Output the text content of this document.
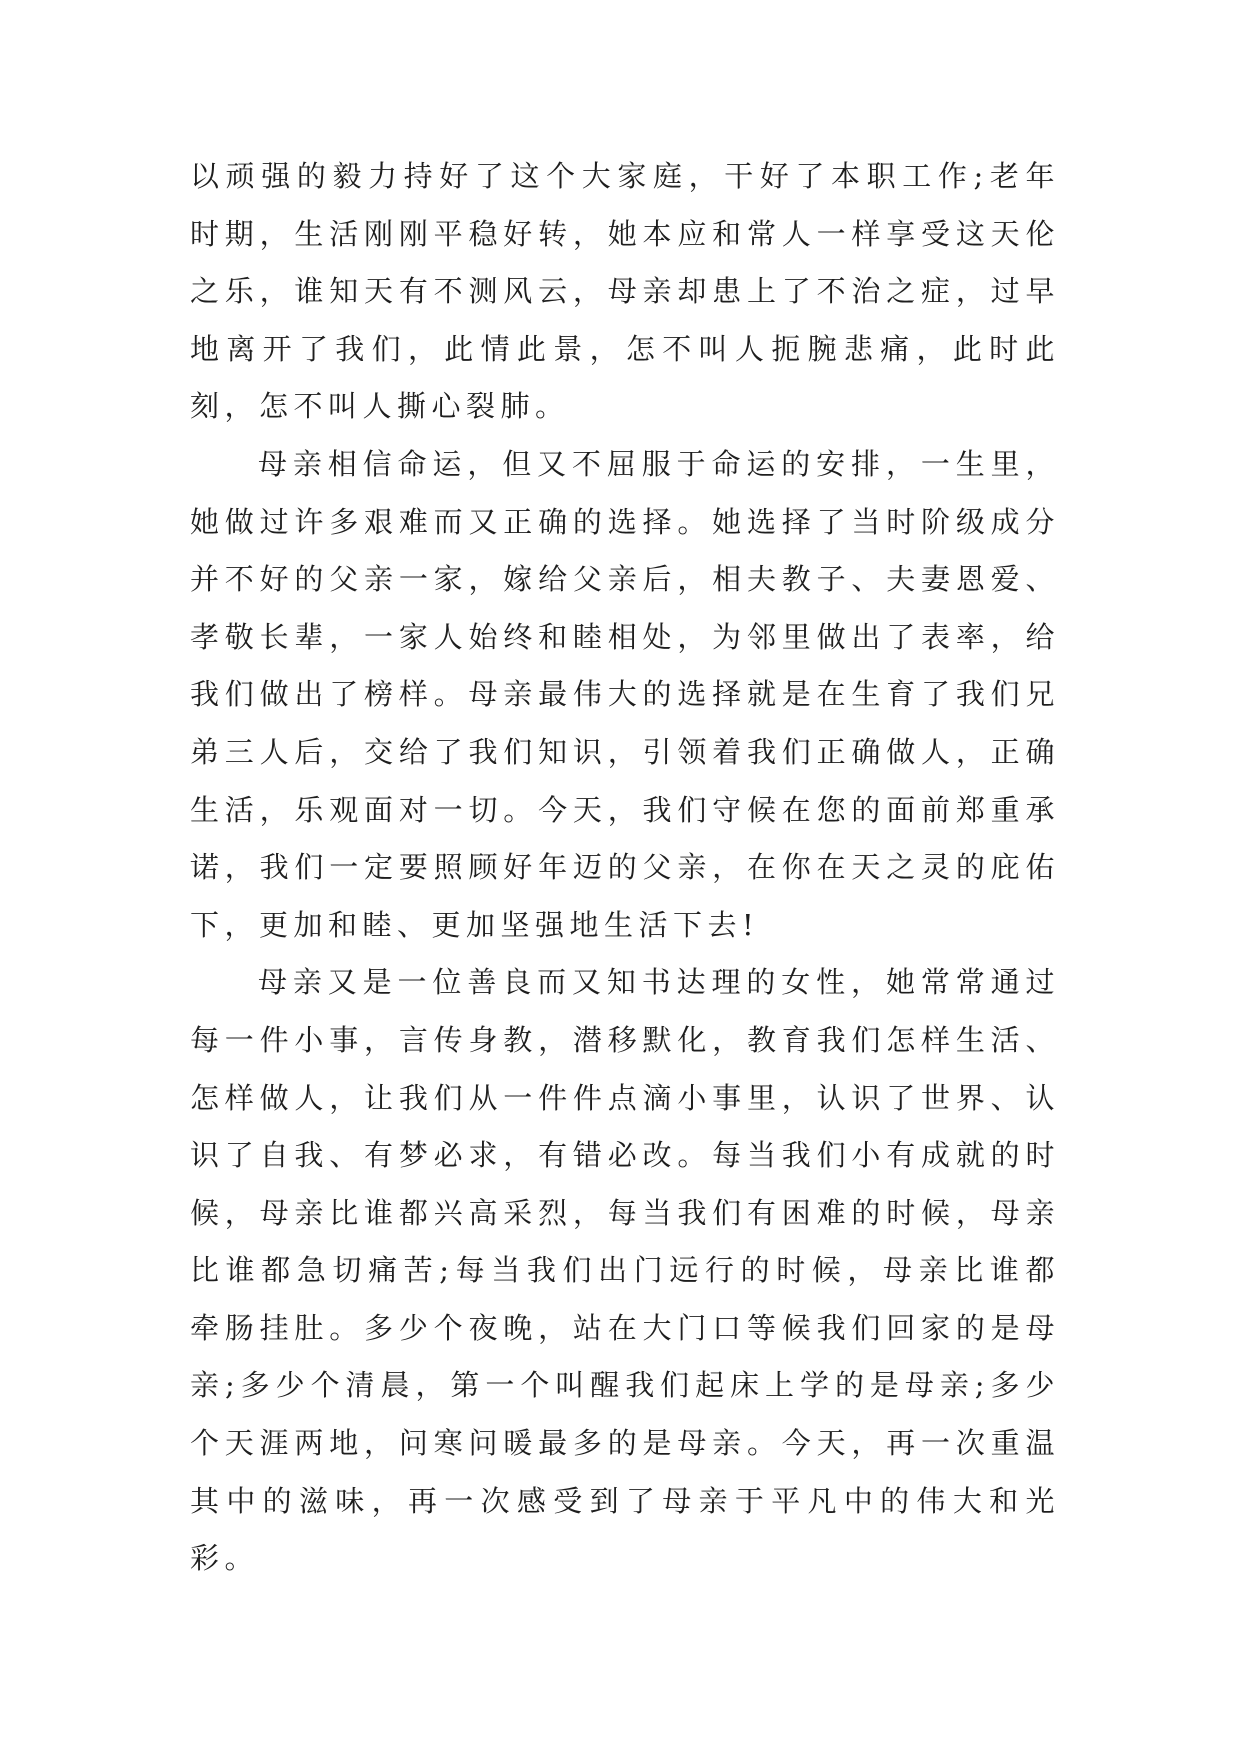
以顽强的毅力持好了这个大家庭，干好了本职工作;老年时期，生活刚刚平稳好转，她本应和常人一样享受这天伦之乐，谁知天有不测风云，母亲却患上了不治之症，过早地离开了我们，此情此景，怎不叫人扼腕悲痛，此时此刻，怎不叫人撕心裂肺。

母亲相信命运，但又不屈服于命运的安排，一生里，她做过许多艰难而又正确的选择。她选择了当时阶级成分并不好的父亲一家，嫁给父亲后，相夫教子、夫妻恩爱、孝敬长辈，一家人始终和睦相处，为邻里做出了表率，给我们做出了榜样。母亲最伟大的选择就是在生育了我们兄弟三人后，交给了我们知识，引领着我们正确做人，正确生活，乐观面对一切。今天，我们守候在您的面前郑重承诺，我们一定要照顾好年迈的父亲，在你在天之灵的庇佑下，更加和睦、更加坚强地生活下去!

母亲又是一位善良而又知书达理的女性，她常常通过每一件小事，言传身教，潜移默化，教育我们怎样生活、怎样做人，让我们从一件件点滴小事里，认识了世界、认识了自我、有梦必求，有错必改。每当我们小有成就的时候，母亲比谁都兴高采烈，每当我们有困难的时候，母亲比谁都急切痛苦;每当我们出门远行的时候，母亲比谁都牵肠挂肚。多少个夜晚，站在大门口等候我们回家的是母亲;多少个清晨，第一个叫醒我们起床上学的是母亲;多少个天涯两地，问寒问暖最多的是母亲。今天，再一次重温其中的滋味，再一次感受到了母亲于平凡中的伟大和光彩。
